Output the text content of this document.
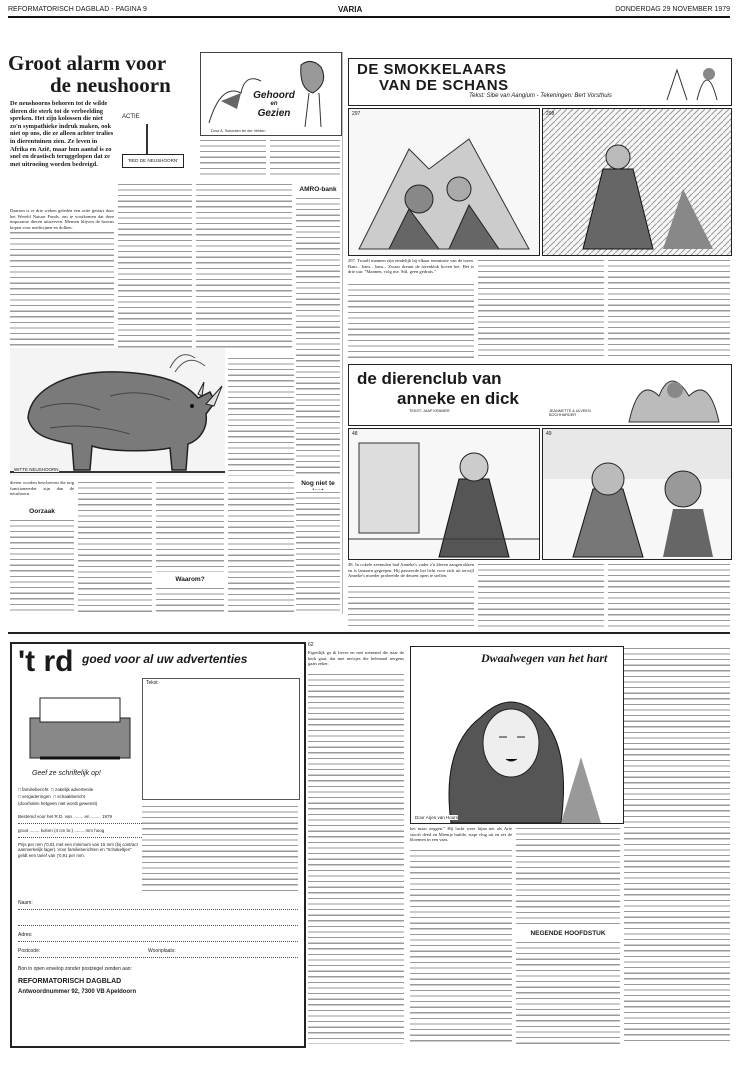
REFORMATORISCH DAGBLAD - PAGINA 9	VARIA	DONDERDAG 29 NOVEMBER 1979
Groot alarm voor
de neushoorn
De neushoorns behoren tot de wilde dieren die sterk tot de verbeelding spreken. Het zijn kolossen die niet zo'n sympathieke indruk maken, ook niet op ons, die ze alleen achter tralies in dierentuinen zien. Ze leven in Afrika en Azië, maar hun aantal is zo snel en drastisch teruggelopen dat ze met uitroeiing worden bedreigd.
ACTIE
'RED DE NEUSHOORN'
Daarom is er drie weken geleden een actie gestart door het Wereld Natuur Fonds, om te voorkomen dat deze imposante dieren uitsterven. Mensen blijven de hoorns kopen voor medicijnen en dolken.
WITTE NEUSHOORN
dieren worden beschreven die nog functioneerder zijn dan de neushoorn.
Oorzaak
Waarom?
Gehoord
en
Gezien
Door A. Schouten ter der Velden
AMRO-bank
Nog niet te
DE SMOKKELAARS
VAN DE SCHANS
Tekst: Sibe van Aangium - Tekeningen: Bert Vorsthuis
297	298
297. Twaalf mannen zijn eindelijk bij elkaar tenminste van de toren. Bam... bam... bam... Zwaar dreunt de torenklok boven het. Het is drie uur. "Mannen, volg me. Stil, geen gedruis."
de dierenclub van
anneke en dick
TEKST: JAAP KRAMER	JEANNETTE & ULVEEN BOCHHARDER
48	49
48. In cokele zeemulen had Anneke's vader z'n kleren aangetrokken en is lantaarn gegrepen. Hij passeerde het licht voor zich uit terwijl Anneke's moeder probeerde de deuren open te stellen.
't rd goed voor al uw advertenties
Tekst
Geef ze schriftelijk op!
□ familiebericht □ zakelijk advertentie
□ vergaderingen □ schaakbericht
(doorhalen hetgeen niet wordt gewenst)
Bestemd voor het R.D. van ........ en ........ 1979
groot ........ kolom (4 cm br.) ........ mm hoog
Prijs per mm ƒ0,81 met een minimum van 15 mm (bij contract aanmerkelijk lager). Voor familieberichten en "Schakeltjes" geldt een tarief van ƒ0,91 per mm.
Naam:
Adres:
Postcode:	Woonplaats:
Bon in open envelop zonder postzegel zenden aan:
REFORMATORISCH DAGBLAD
Antwoordnummer 92, 7300 VB Apeldoorn
62
Eigenlijk ga ik liever en met niemand die naar de kerk gaat, dat met meisjes die helemaal nergens gaan zeker.	Dwaalwegen van het hart
Door Arjen van Hoorn
het maar zeggen." Hij lacht weer bijna net als Arie stoofs deed en Mientje huilde, stapt vlug uit en zet de bloemen in een vaas.
NEGENDE HOOFDSTUK
